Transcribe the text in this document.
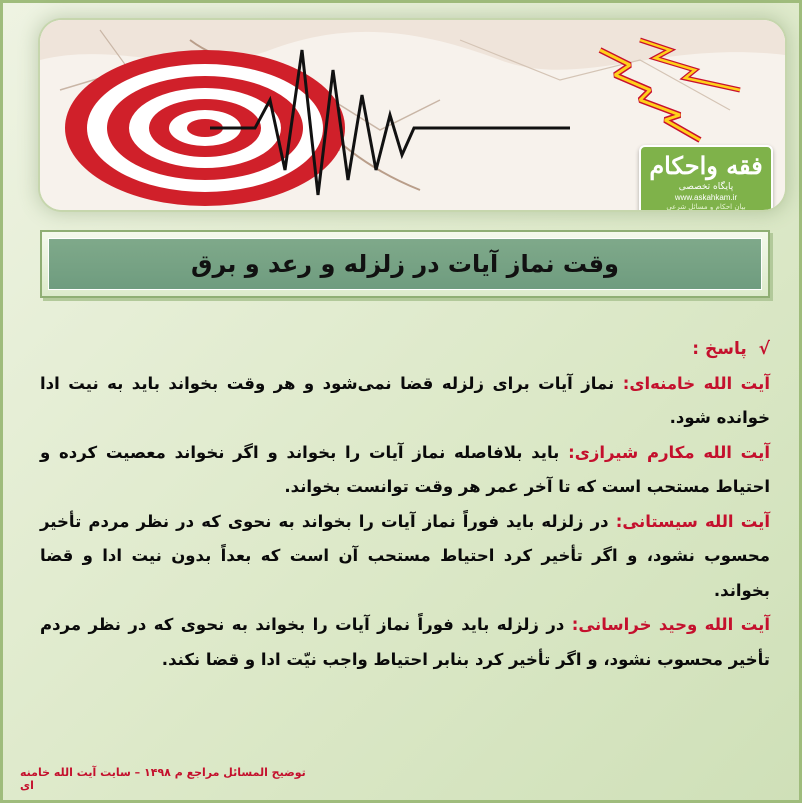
فقه واحکام
پایگاه تخصصی
www.askahkam.ir
بیان احکام و مسائل شرعی
وقت نماز آیات در زلزله و رعد و برق
√ پاسخ :

آیت الله خامنه‌ای: نماز آیات برای زلزله قضا نمی‌شود و هر وقت بخواند باید به نیت ادا خوانده شود.

آیت الله مکارم شیرازی: باید بلافاصله نماز آیات را بخواند و اگر نخواند معصیت کرده و احتیاط مستحب است که تا آخر عمر هر وقت توانست بخواند.

آیت الله سیستانی: در زلزله باید فوراً نماز آیات را بخواند به نحوی که در نظر مردم تأخیر محسوب نشود، و اگر تأخیر کرد احتیاط مستحب آن است که بعداً بدون نیت ادا و قضا بخواند.

آیت الله وحید خراسانی: در زلزله باید فوراً نماز آیات را بخواند به نحوی که در نظر مردم تأخیر محسوب نشود، و اگر تأخیر کرد بنابر احتیاط واجب نیّت ادا و قضا نکند.

توضیح المسائل مراجع م ۱۴۹۸ – سایت آیت الله خامنه ای
